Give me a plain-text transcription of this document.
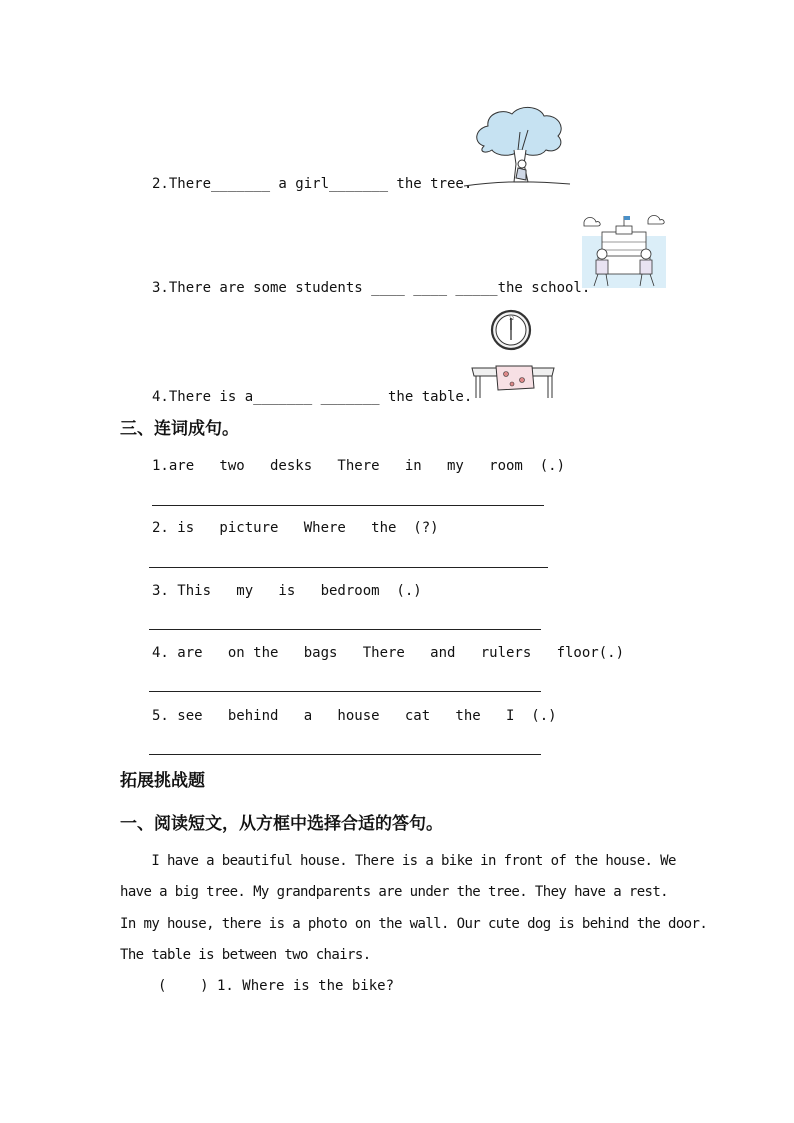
12
2.There_______ a girl_______ the tree.
3.There are some students ____ ____ _____the school.
4.There is a_______ _______ the table.
三、连词成句。
1.are   two   desks   There   in   my   room  (.)
2. is   picture   Where   the  (?)
3. This   my   is   bedroom  (.)
4. are   on the   bags   There   and   rulers   floor(.)
5. see   behind   a   house   cat   the   I  (.)
拓展挑战题
一、阅读短文，从方框中选择合适的答句。
I have a beautiful house. There is a bike in front of the house. We
have a big tree. My grandparents are under the tree. They have a rest.
In my house, there is a photo on the wall. Our cute dog is behind the door.
The table is between two chairs.
(    ) 1. Where is the bike?
